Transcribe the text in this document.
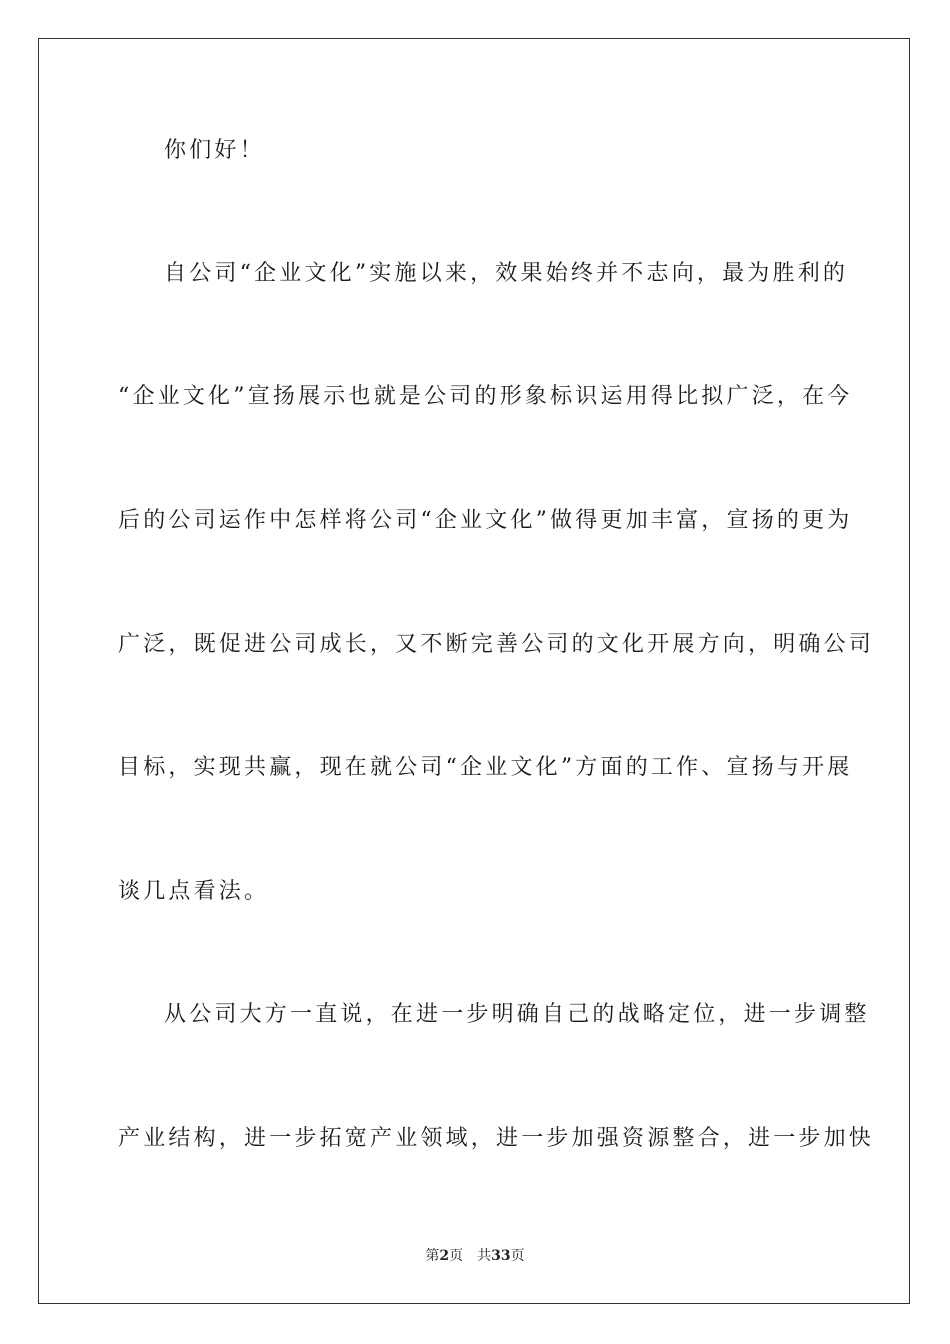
你们好！
自公司“企业文化”实施以来，效果始终并不志向，最为胜利的
“企业文化”宣扬展示也就是公司的形象标识运用得比拟广泛，在今
后的公司运作中怎样将公司“企业文化”做得更加丰富，宣扬的更为
广泛，既促进公司成长，又不断完善公司的文化开展方向，明确公司
目标，实现共赢，现在就公司“企业文化”方面的工作、宣扬与开展
谈几点看法。
从公司大方一直说，在进一步明确自己的战略定位，进一步调整
产业结构，进一步拓宽产业领域，进一步加强资源整合，进一步加快
第2页 共33页
